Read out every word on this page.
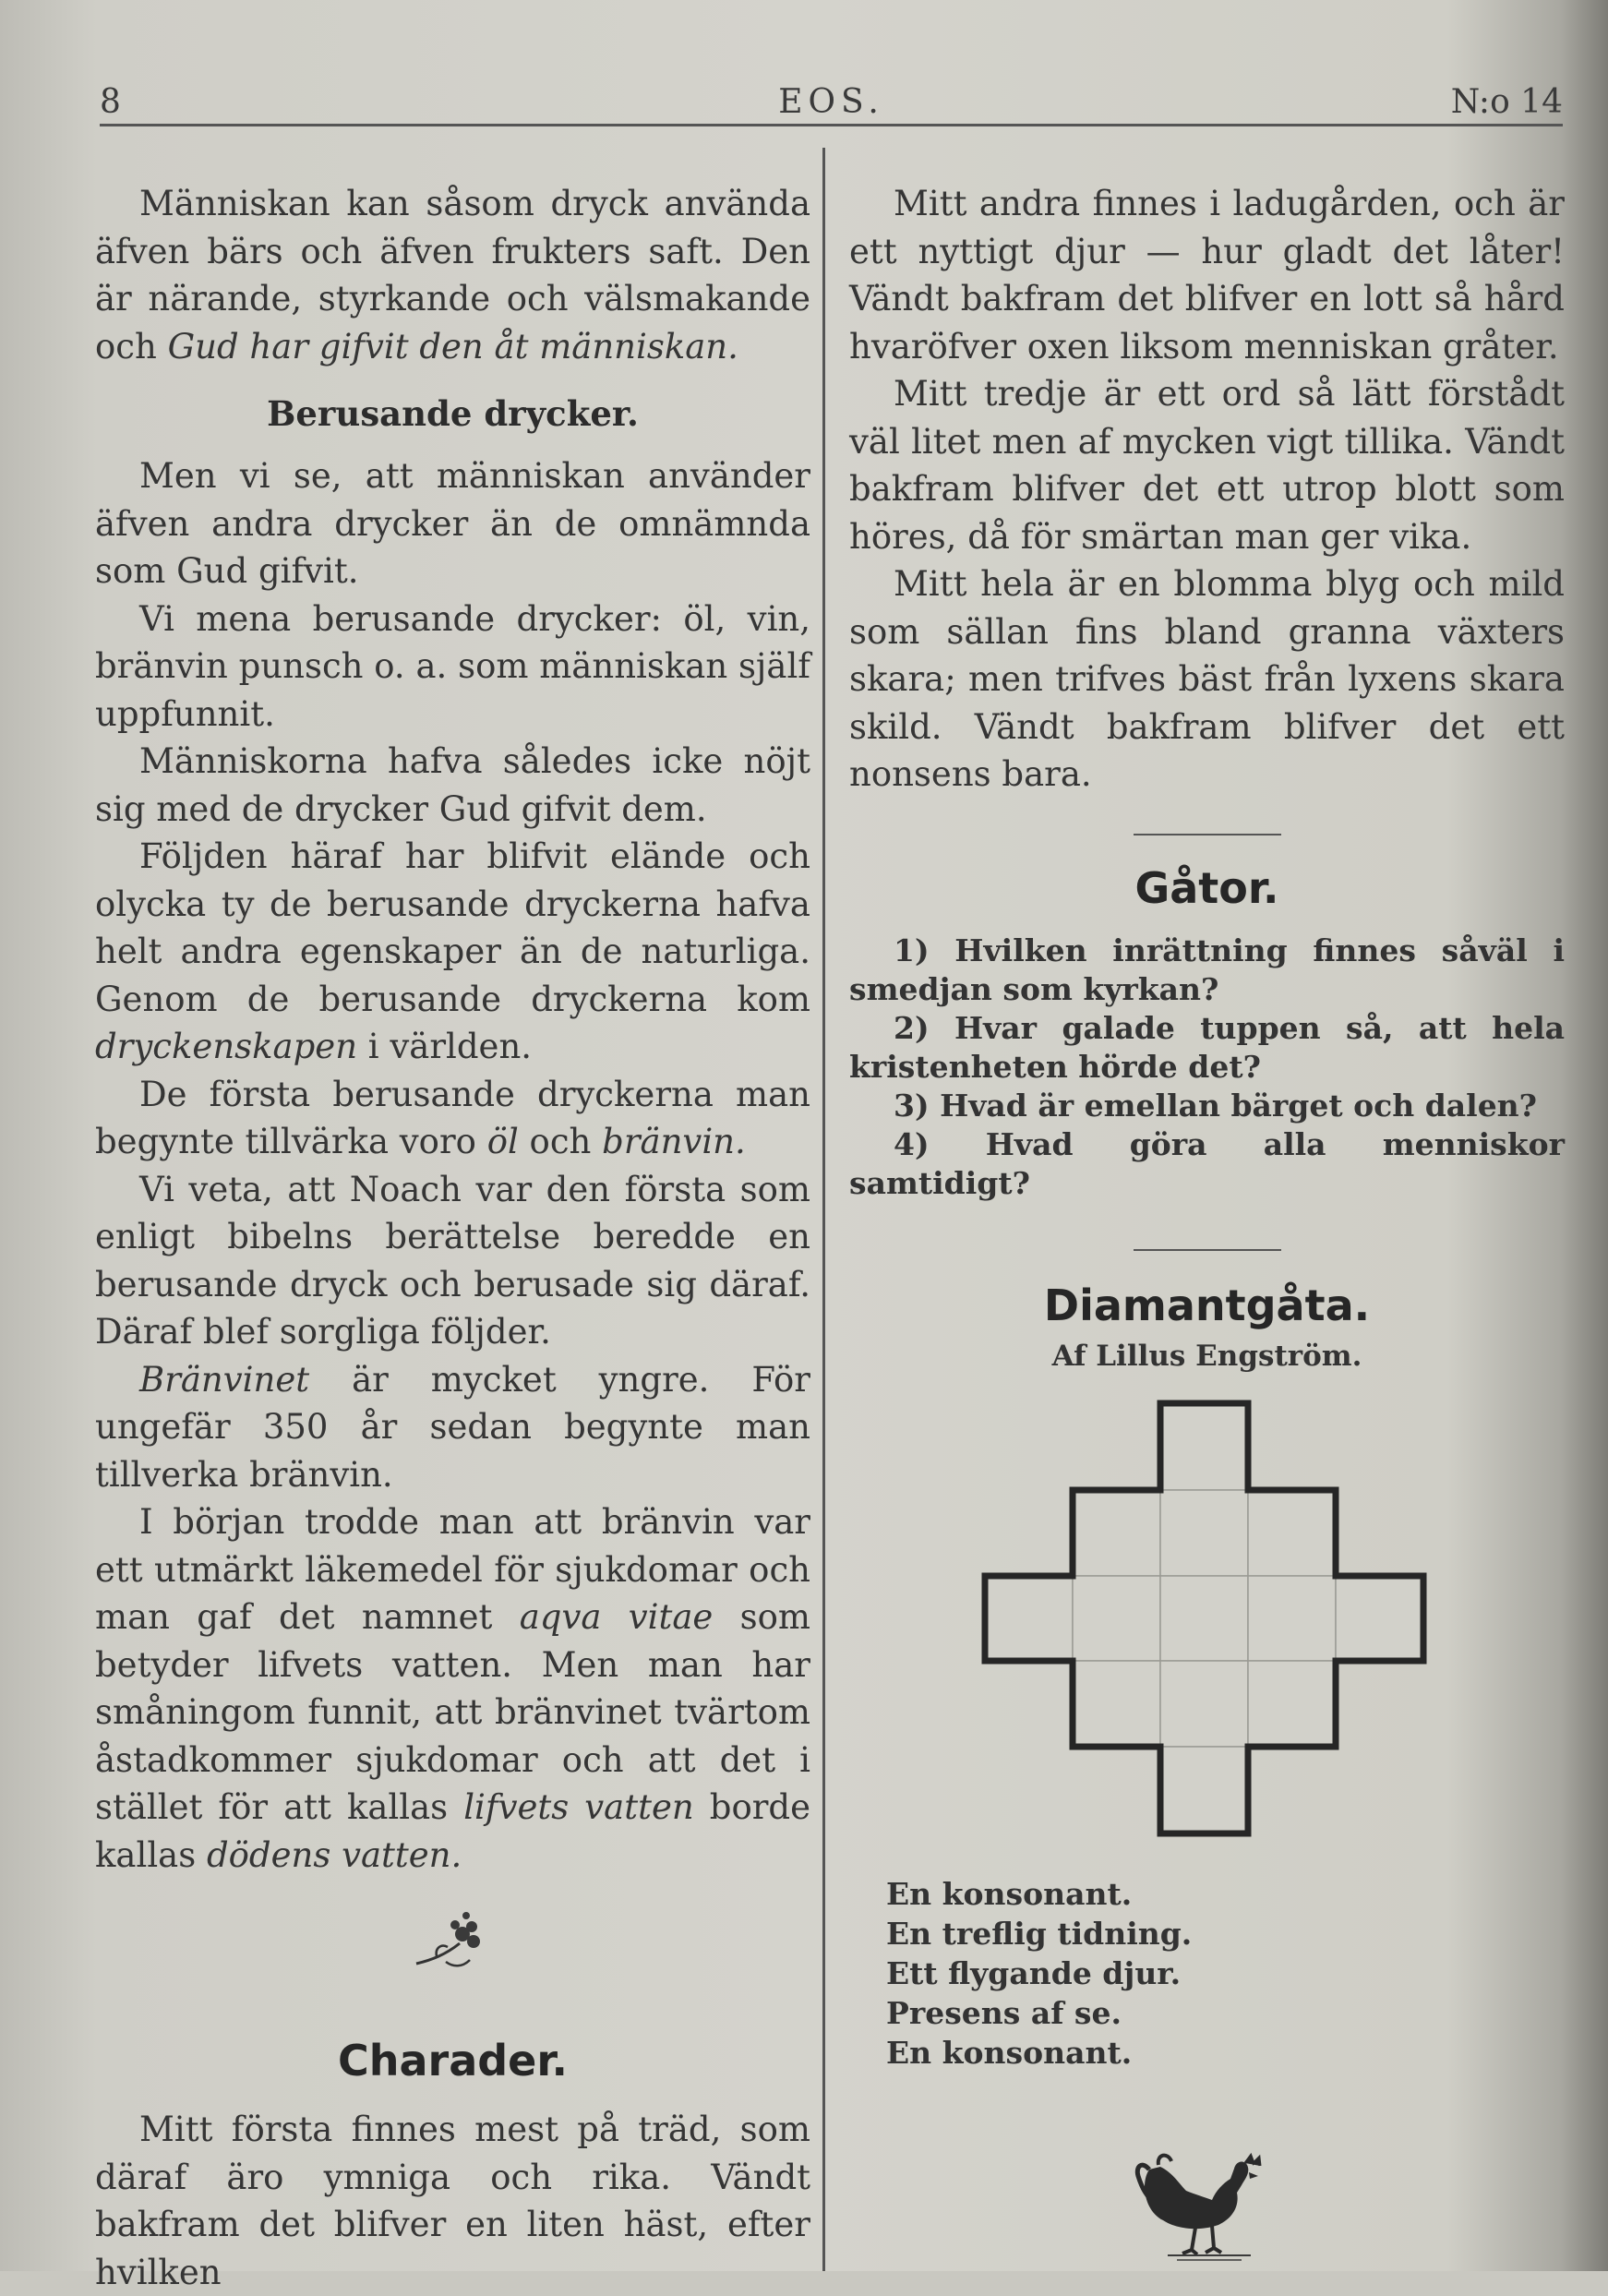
8	EOS.	N:o 14

Människan kan såsom dryck använda äfven bärs och äfven frukters saft. Den är närande, styrkande och välsmakande och Gud har gifvit den åt människan.

Berusande drycker.

Men vi se, att människan använder äfven andra drycker än de omnämnda som Gud gifvit.

Vi mena berusande drycker: öl, vin, bränvin punsch o. a. som människan själf uppfunnit.

Människorna hafva således icke nöjt sig med de drycker Gud gifvit dem.

Följden häraf har blifvit elände och olycka ty de berusande dryckerna hafva helt andra egenskaper än de naturliga. Genom de berusande dryckerna kom dryckenskapen i världen.

De första berusande dryckerna man begynte tillvärka voro öl och bränvin.

Vi veta, att Noach var den första som enligt bibelns berättelse beredde en berusande dryck och berusade sig däraf. Däraf blef sorgliga följder.

Bränvinet är mycket yngre. För ungefär 350 år sedan begynte man tillverka bränvin.

I början trodde man att bränvin var ett utmärkt läkemedel för sjukdomar och man gaf det namnet aqva vitae som betyder lifvets vatten. Men man har småningom funnit, att bränvinet tvärtom åstadkommer sjukdomar och att det i stället för att kallas lifvets vatten borde kallas dödens vatten.

Charader.

Mitt första finnes mest på träd, som däraf äro ymniga och rika. Vändt bakfram det blifver en liten häst, efter hvilken

Mitt andra finnes i ladugården, och är ett nyttigt djur — hur gladt det låter! Vändt bakfram det blifver en lott så hård hvaröfver oxen liksom menniskan gråter.

Mitt tredje är ett ord så lätt förstådt väl litet men af mycken vigt tillika. Vändt bakfram blifver det ett utrop blott som höres, då för smärtan man ger vika.

Mitt hela är en blomma blyg och mild som sällan fins bland granna växters skara; men trifves bäst från lyxens skara skild. Vändt bakfram blifver det ett nonsens bara.

Gåtor.
1) Hvilken inrättning finnes såväl i smedjan som kyrkan?
2) Hvar galade tuppen så, att hela kristenheten hörde det?
3) Hvad är emellan bärget och dalen?
4) Hvad göra alla menniskor samtidigt?
Diamantgåta.
Af Lillus Engström.
En konsonant.
En treflig tidning.
Ett flygande djur.
Presens af se.
En konsonant.
